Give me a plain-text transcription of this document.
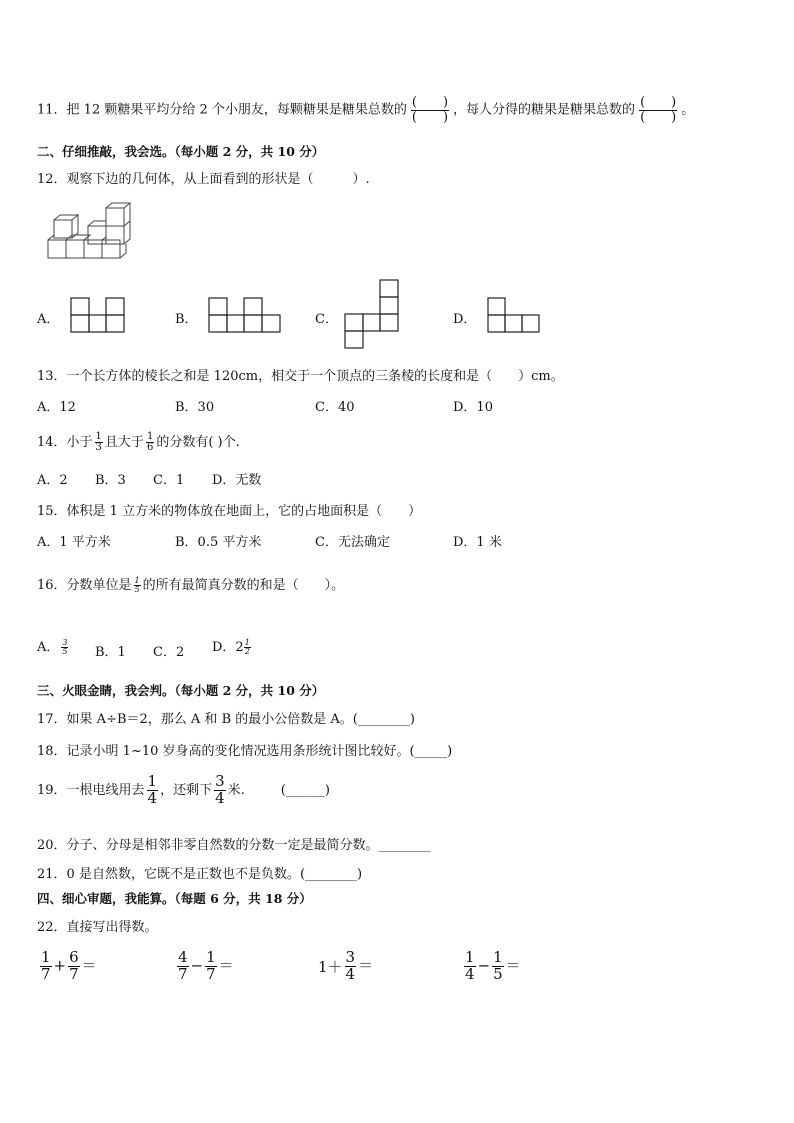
11．把 12 颗糖果平均分给 2 个小朋友，每颗糖果是糖果总数的 $\frac{( )}{( )}$ ，每人分得的糖果是糖果总数的 $\frac{( )}{( )}$ 。
二、仔细推敲，我会选。（每小题 2 分，共 10 分）
12．观察下边的几何体，从上面看到的形状是（　　　）.
A．	B．	C．	D．
13．一个长方体的棱长之和是 120cm，相交于一个顶点的三条棱的长度和是（　　）cm。
A．12	B．30	C．40	D．10
14．小于 $\frac{1}{3}$ 且大于 $\frac{1}{6}$ 的分数有( )个.
A．2 B．3 C．1 D．无数
15．体积是 1 立方米的物体放在地面上，它的占地面积是（　　）
A．1 平方米	B．0.5 平方米	C．无法确定	D．1 米
16．分数单位是 $\frac{1}{5}$ 的所有最简真分数的和是（　　）。
A． $\frac{3}{5}$ B．1 C．2 D．$2 \frac{1}{2}$
三、火眼金睛，我会判。（每小题 2 分，共 10 分）
17．如果 A÷B＝2，那么 A 和 B 的最小公倍数是 A。(________)
18．记录小明 1~10 岁身高的变化情况选用条形统计图比较好。(_____)
19．一根电线用去 $\frac{1}{4}$ ，还剩下 $\frac{3}{4}$ 米.	(______)
20．分子、分母是相邻非零自然数的分数一定是最简分数。________
21．0 是自然数，它既不是正数也不是负数。(________)
四、细心审题，我能算。（每题 6 分，共 18 分）
22．直接写出得数。
$\frac{1}{7} + \frac{6}{7}$ ＝	$\frac{4}{7} - \frac{1}{7}$ ＝	$1+ \frac{3}{4}$ ＝	$\frac{1}{4} - \frac{1}{5}$ ＝
